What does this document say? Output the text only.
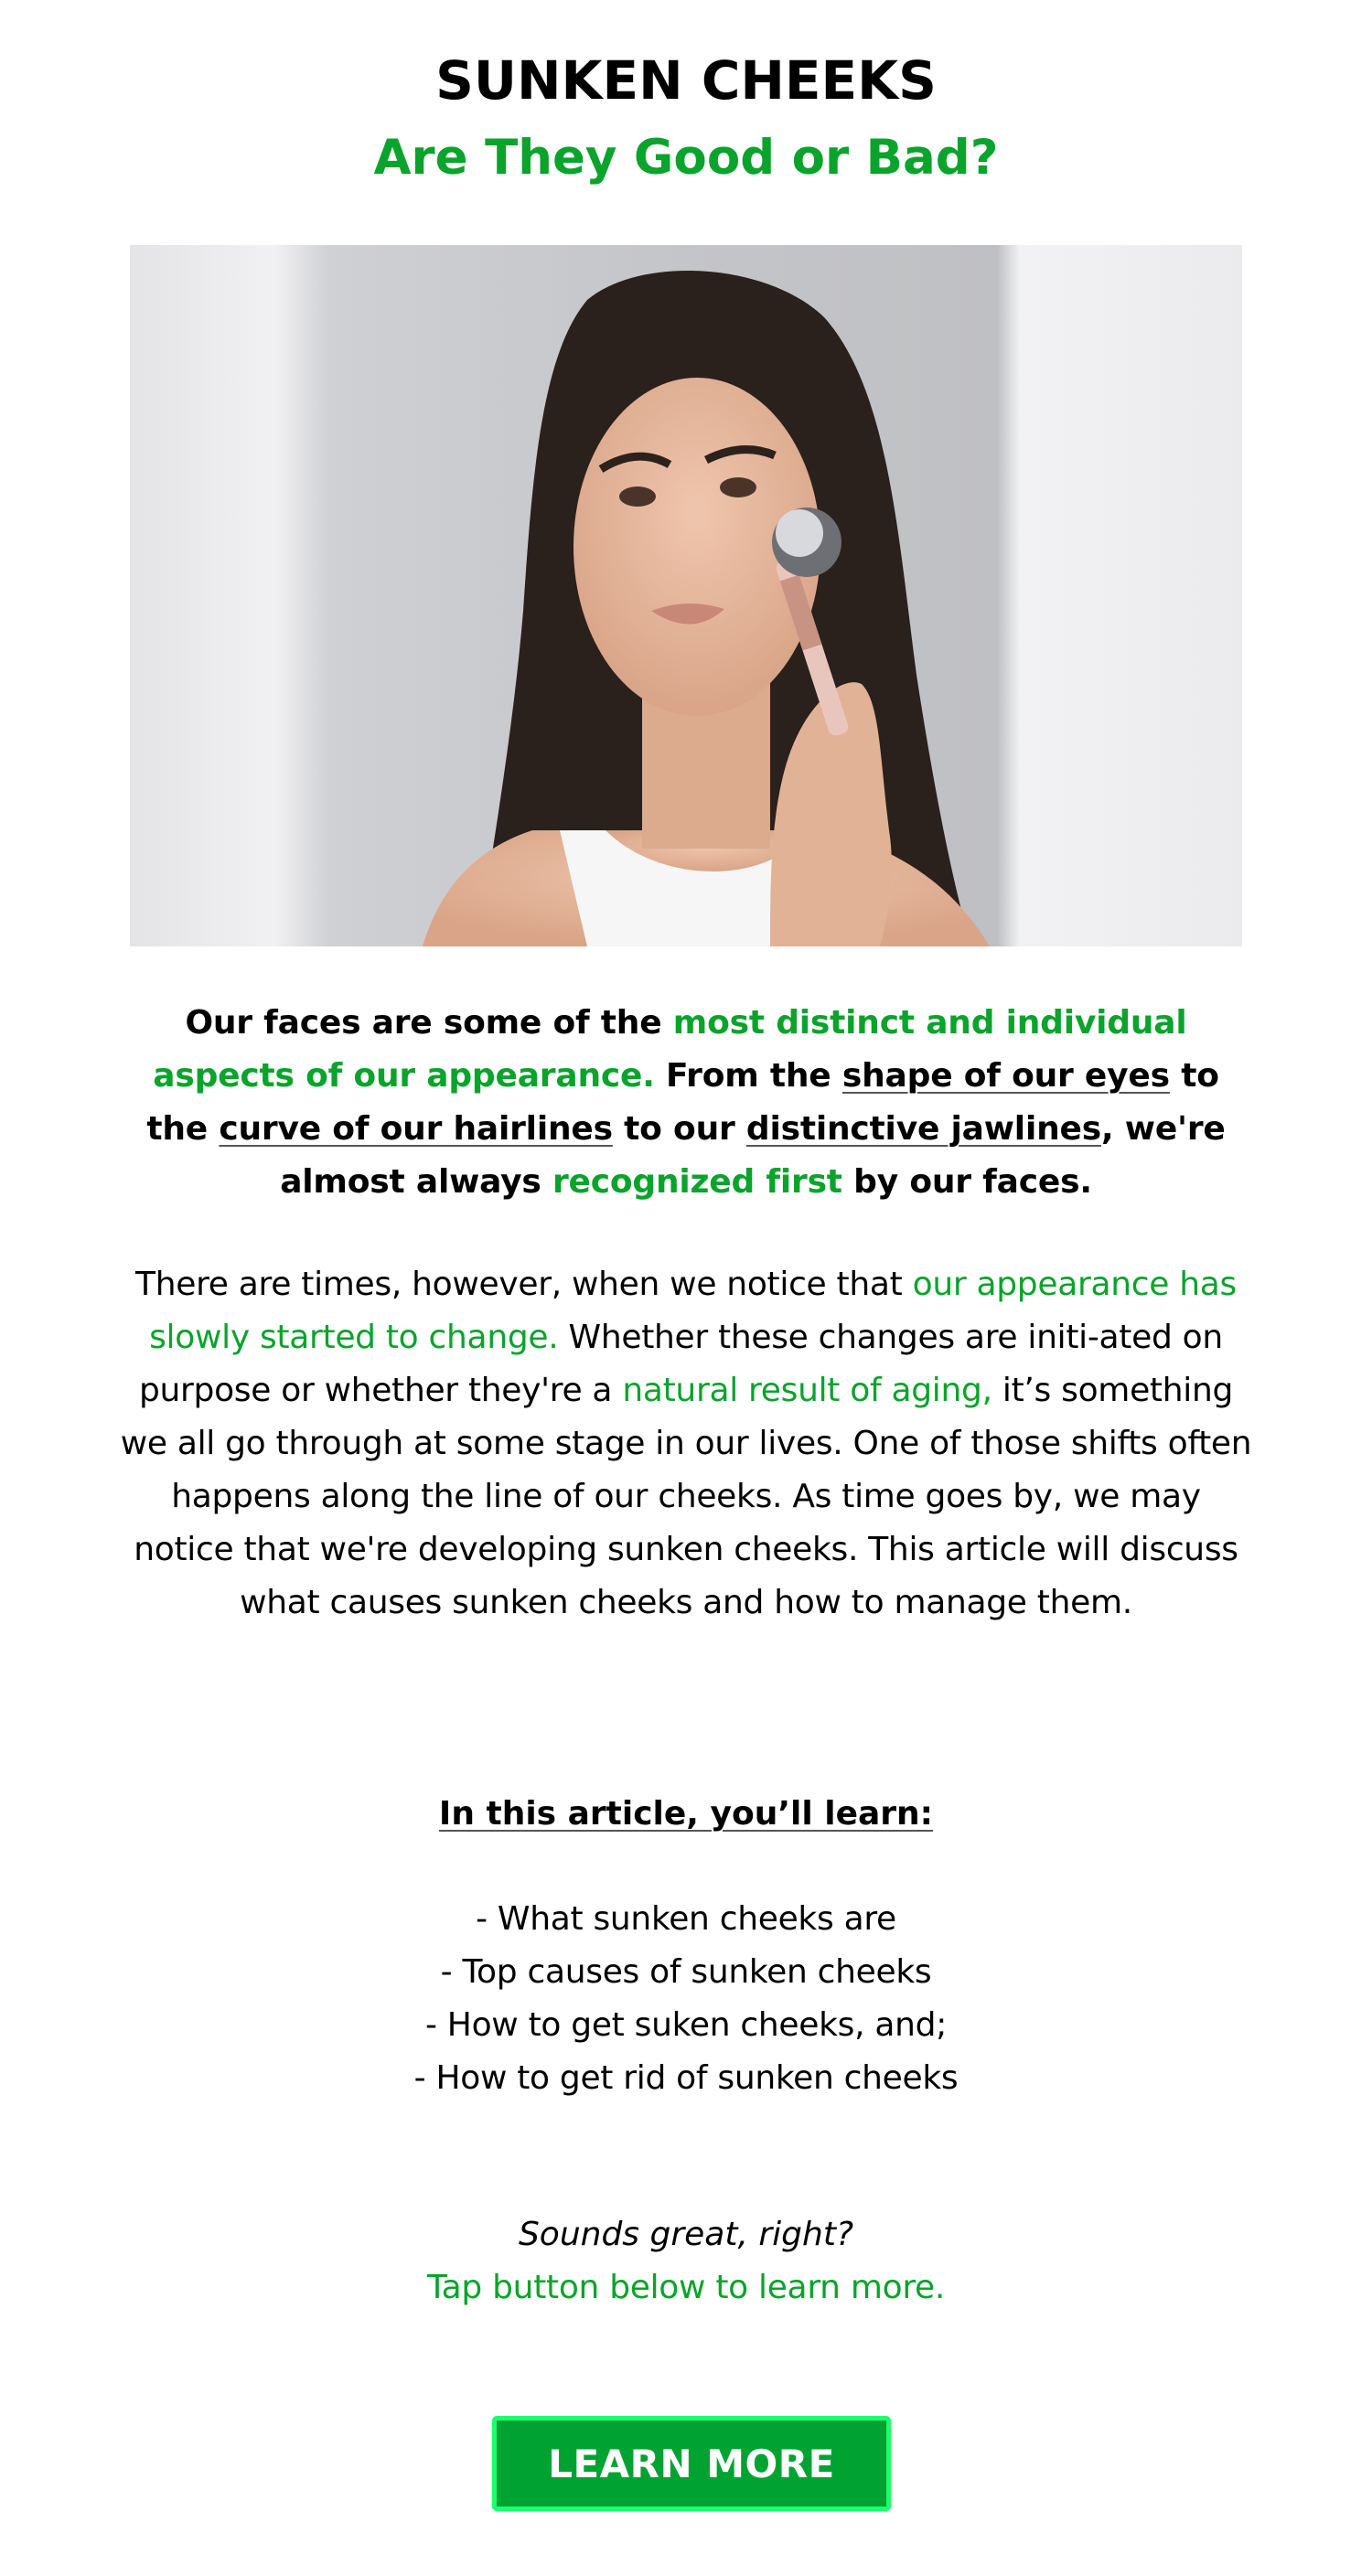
SUNKEN CHEEKS
Are They Good or Bad?
Our faces are some of the most distinct and individual aspects of our appearance. From the shape of our eyes to the curve of our hairlines to our distinctive jawlines, we're almost always recognized first by our faces.
There are times, however, when we notice that our appearance has slowly started to change. Whether these changes are initi-ated on purpose or whether they're a natural result of aging, it’s something we all go through at some stage in our lives. One of those shifts often happens along the line of our cheeks. As time goes by, we may notice that we're developing sunken cheeks. This article will discuss what causes sunken cheeks and how to manage them.
In this article, you’ll learn:
- What sunken cheeks are
- Top causes of sunken cheeks
- How to get suken cheeks, and;
- How to get rid of sunken cheeks
Sounds great, right?
Tap button below to learn more.
LEARN MORE
